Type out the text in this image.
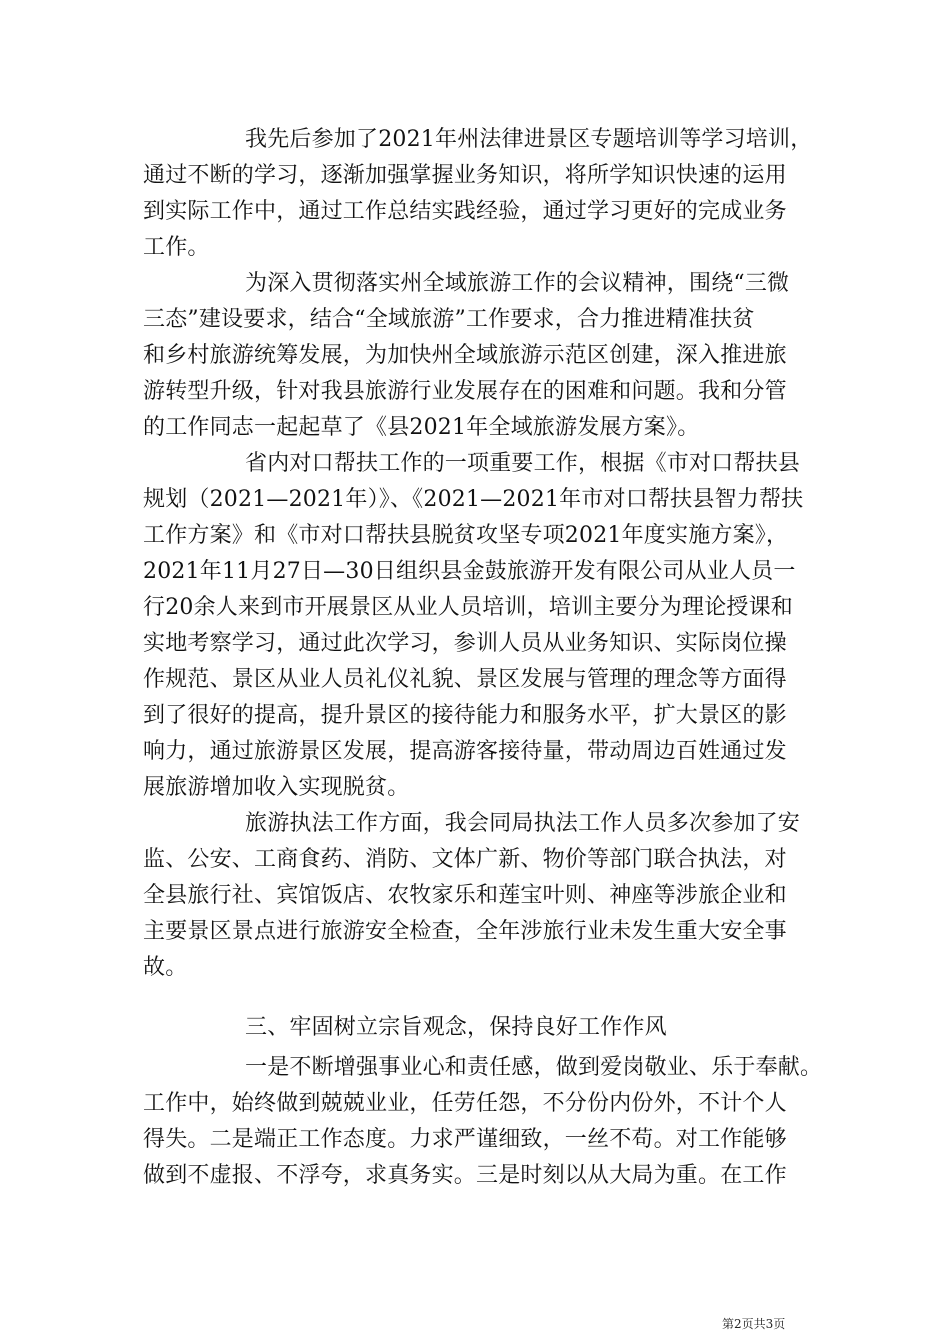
我先后参加了2021年州法律进景区专题培训等学习培训，
通过不断的学习，逐渐加强掌握业务知识，将所学知识快速的运用
到实际工作中，通过工作总结实践经验，通过学习更好的完成业务
工作。
为深入贯彻落实州全域旅游工作的会议精神，围绕“三微
三态”建设要求，结合“全域旅游”工作要求，合力推进精准扶贫
和乡村旅游统筹发展，为加快州全域旅游示范区创建，深入推进旅
游转型升级，针对我县旅游行业发展存在的困难和问题。我和分管
的工作同志一起起草了《县2021年全域旅游发展方案》。
省内对口帮扶工作的一项重要工作，根据《市对口帮扶县
规划（2021—2021年）》、《2021—2021年市对口帮扶县智力帮扶
工作方案》和《市对口帮扶县脱贫攻坚专项2021年度实施方案》，
2021年11月27日—30日组织县金鼓旅游开发有限公司从业人员一
行20余人来到市开展景区从业人员培训，培训主要分为理论授课和
实地考察学习，通过此次学习，参训人员从业务知识、实际岗位操
作规范、景区从业人员礼仪礼貌、景区发展与管理的理念等方面得
到了很好的提高，提升景区的接待能力和服务水平，扩大景区的影
响力，通过旅游景区发展，提高游客接待量，带动周边百姓通过发
展旅游增加收入实现脱贫。
旅游执法工作方面，我会同局执法工作人员多次参加了安
监、公安、工商食药、消防、文体广新、物价等部门联合执法，对
全县旅行社、宾馆饭店、农牧家乐和莲宝叶则、神座等涉旅企业和
主要景区景点进行旅游安全检查，全年涉旅行业未发生重大安全事
故。
三、牢固树立宗旨观念，保持良好工作作风
一是不断增强事业心和责任感，做到爱岗敬业、乐于奉献。
工作中，始终做到兢兢业业，任劳任怨，不分份内份外，不计个人
得失。二是端正工作态度。力求严谨细致，一丝不苟。对工作能够
做到不虚报、不浮夸，求真务实。三是时刻以从大局为重。在工作
第2页共3页
